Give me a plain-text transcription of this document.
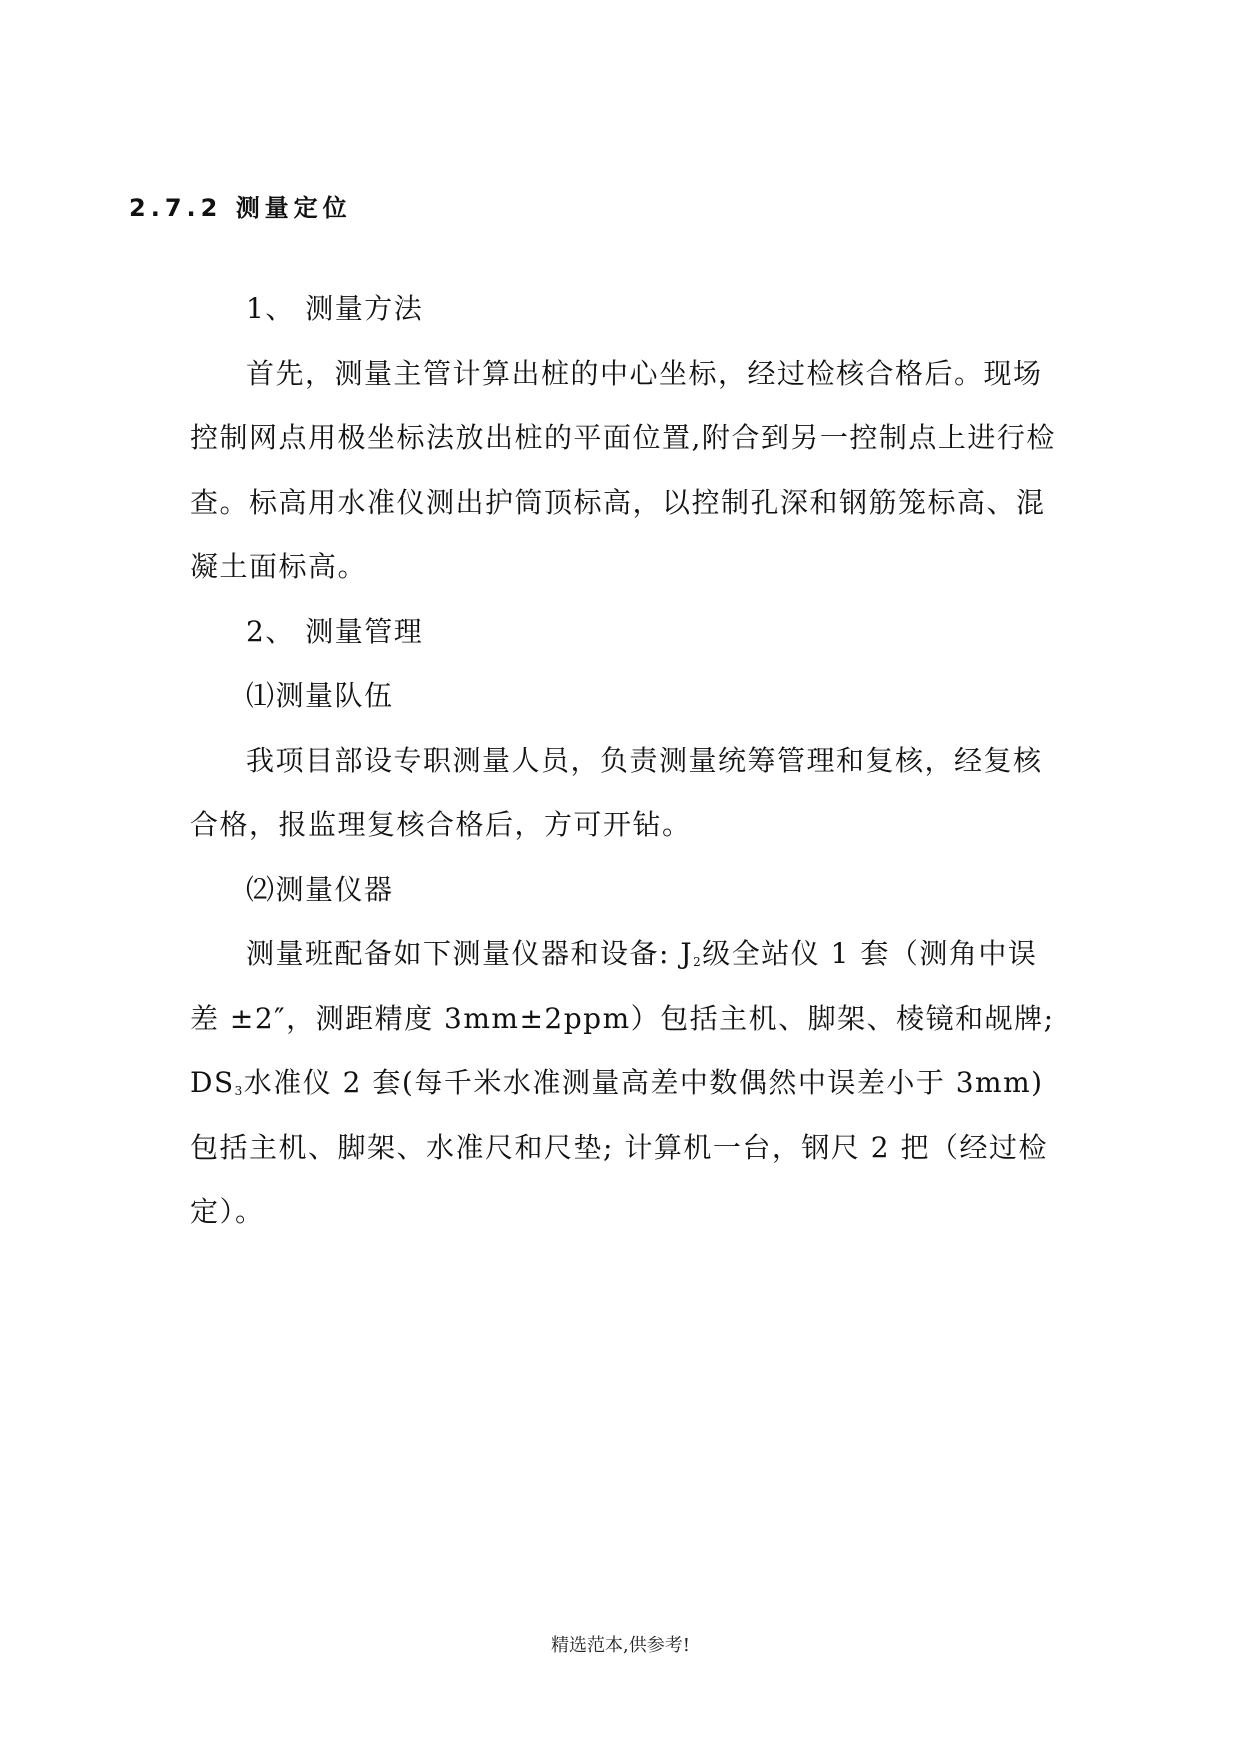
2.7.2 测量定位

1、 测量方法

首先，测量主管计算出桩的中心坐标，经过检核合格后。现场控制网点用极坐标法放出桩的平面位置,附合到另一控制点上进行检查。标高用水准仪测出护筒顶标高，以控制孔深和钢筋笼标高、混凝土面标高。

2、 测量管理

⑴测量队伍

我项目部设专职测量人员，负责测量统筹管理和复核，经复核合格，报监理复核合格后，方可开钻。

⑵测量仪器

测量班配备如下测量仪器和设备: $J_2$级全站仪 1 套（测角中误差 ±2″，测距精度 3mm±2ppm）包括主机、脚架、棱镜和觇牌; $DS_3$水准仪 2 套(每千米水准测量高差中数偶然中误差小于 3mm)包括主机、脚架、水准尺和尺垫; 计算机一台，钢尺 2 把（经过检定）。

精选范本,供参考!
